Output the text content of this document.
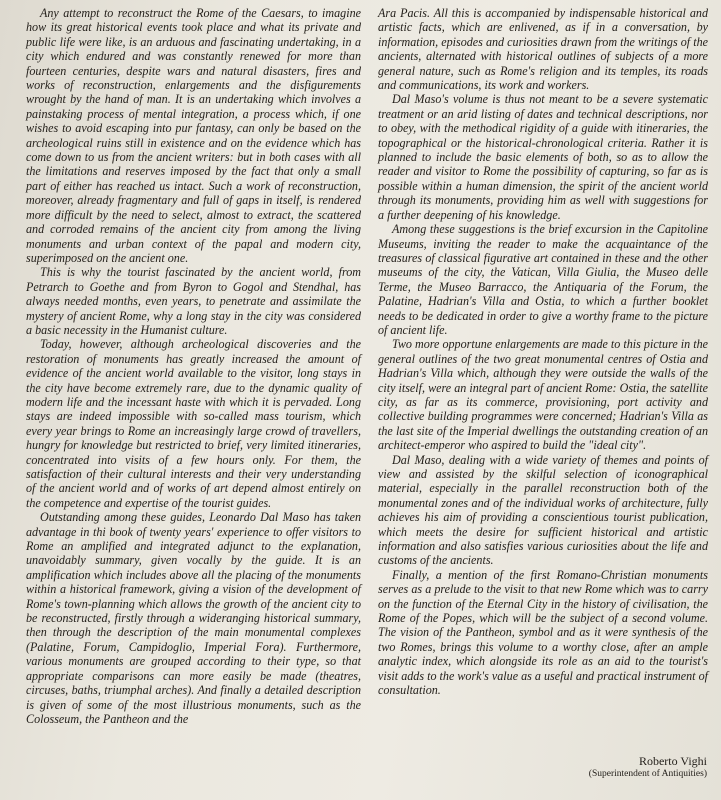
Any attempt to reconstruct the Rome of the Caesars, to imagine how its great historical events took place and what its private and public life were like, is an arduous and fascinating undertaking, in a city which endured and was constantly renewed for more than fourteen centuries, despite wars and natural disasters, fires and works of reconstruction, enlargements and the disfigurements wrought by the hand of man. It is an undertaking which involves a painstaking process of mental integration, a process which, if one wishes to avoid escaping into pur fantasy, can only be based on the archeological ruins still in existence and on the evidence which has come down to us from the ancient writers: but in both cases with all the limitations and reserves imposed by the fact that only a small part of either has reached us intact. Such a work of reconstruction, moreover, already fragmentary and full of gaps in itself, is rendered more difficult by the need to select, almost to extract, the scattered and corroded remains of the ancient city from among the living monuments and urban context of the papal and modern city, superimposed on the ancient one.

This is why the tourist fascinated by the ancient world, from Petrarch to Goethe and from Byron to Gogol and Stendhal, has always needed months, even years, to penetrate and assimilate the mystery of ancient Rome, why a long stay in the city was considered a basic necessity in the Humanist culture.

Today, however, although archeological discoveries and the restoration of monuments has greatly increased the amount of evidence of the ancient world available to the visitor, long stays in the city have become extremely rare, due to the dynamic quality of modern life and the incessant haste with which it is pervaded. Long stays are indeed impossible with so-called mass tourism, which every year brings to Rome an increasingly large crowd of travellers, hungry for knowledge but restricted to brief, very limited itineraries, concentrated into visits of a few hours only. For them, the satisfaction of their cultural interests and their very understanding of the ancient world and of works of art depend almost entirely on the competence and expertise of the tourist guides.

Outstanding among these guides, Leonardo Dal Maso has taken advantage in thi book of twenty years' experience to offer visitors to Rome an amplified and integrated adjunct to the explanation, unavoidably summary, given vocally by the guide. It is an amplification which includes above all the placing of the monuments within a historical framework, giving a vision of the development of Rome's town-planning which allows the growth of the ancient city to be reconstructed, firstly through a wideranging historical summary, then through the description of the main monumental complexes (Palatine, Forum, Campidoglio, Imperial Fora). Furthermore, various monuments are grouped according to their type, so that appropriate comparisons can more easily be made (theatres, circuses, baths, triumphal arches). And finally a detailed description is given of some of the most illustrious monuments, such as the Colosseum, the Pantheon and the

Ara Pacis. All this is accompanied by indispensable historical and artistic facts, which are enlivened, as if in a conversation, by information, episodes and curiosities drawn from the writings of the ancients, alternated with historical outlines of subjects of a more general nature, such as Rome's religion and its temples, its roads and communications, its work and workers.

Dal Maso's volume is thus not meant to be a severe systematic treatment or an arid listing of dates and technical descriptions, nor to obey, with the methodical rigidity of a guide with itineraries, the topographical or the historical-chronological criteria. Rather it is planned to include the basic elements of both, so as to allow the reader and visitor to Rome the possibility of capturing, so far as is possible within a human dimension, the spirit of the ancient world through its monuments, providing him as well with suggestions for a further deepening of his knowledge.

Among these suggestions is the brief excursion in the Capitoline Museums, inviting the reader to make the acquaintance of the treasures of classical figurative art contained in these and the other museums of the city, the Vatican, Villa Giulia, the Museo delle Terme, the Museo Barracco, the Antiquaria of the Forum, the Palatine, Hadrian's Villa and Ostia, to which a further booklet needs to be dedicated in order to give a worthy frame to the picture of ancient life.

Two more opportune enlargements are made to this picture in the general outlines of the two great monumental centres of Ostia and Hadrian's Villa which, although they were outside the walls of the city itself, were an integral part of ancient Rome: Ostia, the satellite city, as far as its commerce, provisioning, port activity and collective building programmes were concerned; Hadrian's Villa as the last site of the Imperial dwellings the outstanding creation of an architect-emperor who aspired to build the "ideal city".

Dal Maso, dealing with a wide variety of themes and points of view and assisted by the skilful selection of iconographical material, especially in the parallel reconstruction both of the monumental zones and of the individual works of architecture, fully achieves his aim of providing a conscientious tourist publication, which meets the desire for sufficient historical and artistic information and also satisfies various curiosities about the life and customs of the ancients.

Finally, a mention of the first Romano-Christian monuments serves as a prelude to the visit to that new Rome which was to carry on the function of the Eternal City in the history of civilisation, the Rome of the Popes, which will be the subject of a second volume. The vision of the Pantheon, symbol and as it were synthesis of the two Romes, brings this volume to a worthy close, after an ample analytic index, which alongside its role as an aid to the tourist's visit adds to the work's value as a useful and practical instrument of consultation.

Roberto Vighi
(Superintendent of Antiquities)
